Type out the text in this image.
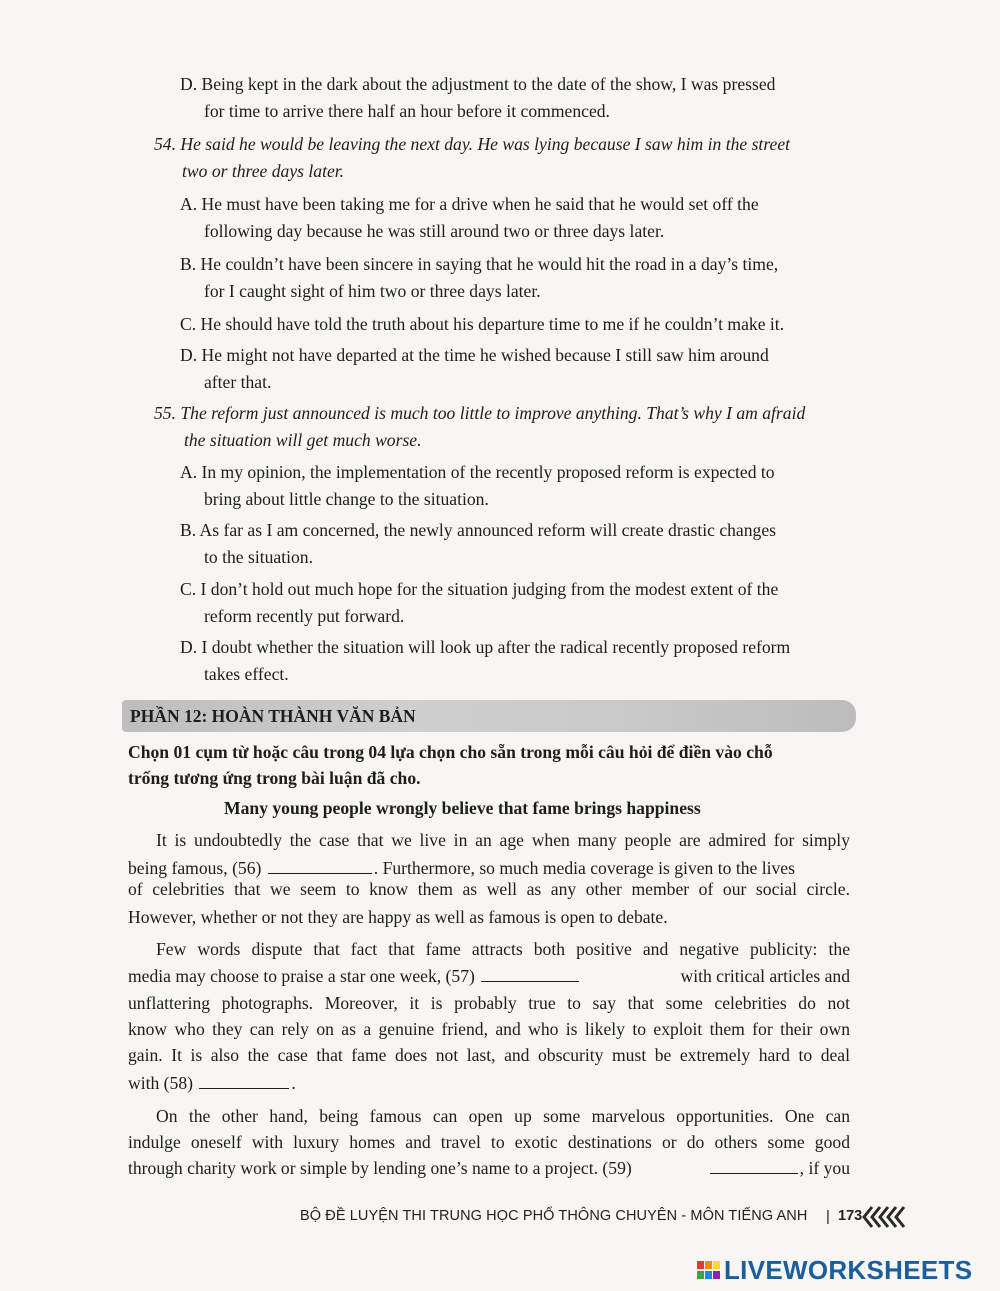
D. Being kept in the dark about the adjustment to the date of the show, I was pressed
for time to arrive there half an hour before it commenced.
54. He said he would be leaving the next day. He was lying because I saw him in the street
two or three days later.
A. He must have been taking me for a drive when he said that he would set off the
following day because he was still around two or three days later.
B. He couldn’t have been sincere in saying that he would hit the road in a day’s time,
for I caught sight of him two or three days later.
C. He should have told the truth about his departure time to me if he couldn’t make it.
D. He might not have departed at the time he wished because I still saw him around
after that.
55. The reform just announced is much too little to improve anything. That’s why I am afraid
the situation will get much worse.
A. In my opinion, the implementation of the recently proposed reform is expected to
bring about little change to the situation.
B. As far as I am concerned, the newly announced reform will create drastic changes
to the situation.
C. I don’t hold out much hope for the situation judging from the modest extent of the
reform recently put forward.
D. I doubt whether the situation will look up after the radical recently proposed reform
takes effect.
PHẦN 12: HOÀN THÀNH VĂN BẢN
Chọn 01 cụm từ hoặc câu trong 04 lựa chọn cho sẵn trong mỗi câu hỏi để điền vào chỗ
trống tương ứng trong bài luận đã cho.
Many young people wrongly believe that fame brings happiness
It is undoubtedly the case that we live in an age when many people are admired for simply
being famous, (56)	. Furthermore, so much media coverage is given to the lives
of celebrities that we seem to know them as well as any other member of our social circle.
However, whether or not they are happy as well as famous is open to debate.
Few words dispute that fact that fame attracts both positive and negative publicity: the
media may choose to praise a star one week, (57)	with critical articles and
unflattering photographs. Moreover, it is probably true to say that some celebrities do not
know who they can rely on as a genuine friend, and who is likely to exploit them for their own
gain. It is also the case that fame does not last, and obscurity must be extremely hard to deal
with (58)	.
On the other hand, being famous can open up some marvelous opportunities. One can
indulge oneself with luxury homes and travel to exotic destinations or do others some good
through charity work or simple by lending one’s name to a project. (59)	, if you
BỘ ĐỀ LUYỆN THI TRUNG HỌC PHỔ THÔNG CHUYÊN - MÔN TIẾNG ANH | 173
LIVEWORKSHEETS
